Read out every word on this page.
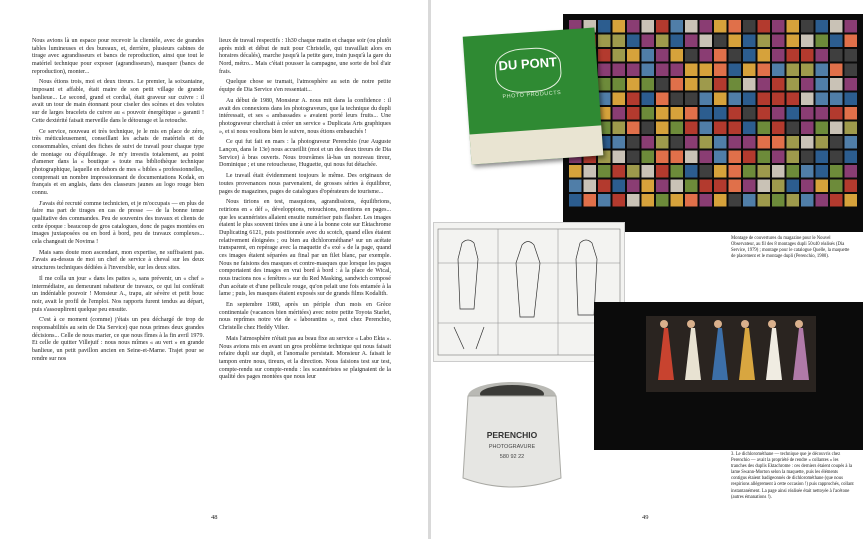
Nous avions là un espace pour recevoir la clientèle, avec de grandes tables lumineuses et des bureaux, et, derrière, plusieurs cabines de tirage avec agrandisseurs et bancs de reproduction, ainsi que tout le matériel technique pour exposer (agrandisseurs), masquer (bancs de reproduction), monter...

Nous étions trois, moi et deux tireurs. Le premier, la soixantaine, imposant et affable, était maire de son petit village de grande banlieue... Le second, grand et cordial, était graveur sur cuivre : il avait un tour de main étonnant pour ciseler des scènes et des volutes sur de larges bracelets de cuivre au « pouvoir énergétique » garanti ! Cette dextérité faisait merveille dans le détourage et la retouche.

Ce service, nouveau et très technique, je le mis en place de zéro, très méticuleusement, conseillant les achats de matériels et de consommables, créant des fiches de suivi de travail pour chaque type de montage ou d'équilibrage. Je m'y investis totalement, au point d'amener dans la « boutique » toute ma bibliothèque technique photographique, laquelle en dehors de mes « bibles » professionnelles, comprenait un nombre impressionnant de documentations Kodak, en français et en anglais, dans des classeurs jaunes au logo rouge bien connu.

J'avais été recruté comme technicien, et je m'occupais — en plus de faire ma part de tirages en cas de presse — de la bonne tenue qualitative des commandes. Peu de souvenirs des travaux et clients de cette époque : beaucoup de gros catalogues, donc de pages montées en images juxtaposées ou en bord à bord, peu de travaux complexes... cela changeait de Novima !

Mais sans doute mon ascendant, mon expertise, ne suffisaient pas. J'avais au-dessus de moi un chef de service à cheval sur les deux structures techniques dédiées à l'inversible, sur les deux sites.

Il me colla un jour « dans les pattes », sans prévenir, un « chef » intermédiaire, au demeurant rabatteur de travaux, ce qui lui conférait un indéniable pouvoir ! Monsieur A., trapu, air sévère et petit bouc noir, avait le profil de l'emploi. Nos rapports furent tendus au départ, puis s'assouplirent quelque peu ensuite.

C'est à ce moment (comme) j'étais un peu déchargé de trop de responsabilités au sein de Dia Service) que nous primes deux grandes décisions... Celle de nous marier, ce que nous fîmes à la fin avril 1979. Et celle de quitter Villejuif : nous nous mîmes « au vert » en grande banlieue, un petit pavillon ancien en Seine-et-Marne. Trajet pour se rendre sur nos

lieux de travail respectifs : 1h30 chaque matin et chaque soir (ou plutôt après midi et début de nuit pour Christelle, qui travaillait alors en horaires décalés), marche jusqu'à la petite gare, train jusqu'à la gare du Nord, métro... Mais c'était pousser la campagne, une sorte de bol d'air frais.

Quelque chose se tramait, l'atmosphère au sein de notre petite équipe de Dia Service s'en ressentait...

Au début de 1980, Monsieur A. nous mit dans la confidence : il avait des connexions dans les photograveurs, que la technique du dupli intéressait, et ses « ambassades » avaient porté leurs fruits... Une photograveur cherchait à créer un service « Duplicata Arts graphiques », et si nous voulions bien le suivre, nous étions embauchés !

Ce qui fut fait en mars : la photograveur Perenchio (rue Auguste Lançon, dans le 13e) nous accueillit (moi et un des deux tireurs de Dia Service) à bras ouverts. Nous trouvâmes là-bas un nouveau tireur, Dominique ; et une retoucheuse, Huguette, qui nous fut détachée.

Le travail était évidemment toujours le même. Des originaux de toutes provenances nous parvenaient, de grosses séries à équilibrer, pages de magazines, pages de catalogues d'opérateurs de tourisme...

Nous tirions en test, masquions, agrandissions, équilibrions, retirions en « déf », développions, retouchions, montions en pages... que les scannéristes allaient ensuite numériser puis flasher. Les images étaient le plus souvent tirées une à une à la bonne cote sur Ektachrome Duplicating 6121, puis positionnée avec du scotch, quand elles étaient relativement éloignées ; ou bien au dichlorométhane¹ sur un acétate transparent, en repérage avec la maquette d'« exé » de la page, quand ces images étaient séparées au final par un filet blanc, par exemple. Nous ne faisions des masques et contre-masques que lorsque les pages comportaient des images en vrai bord à bord : à la place de Wical, nous tracions nos « fenêtres » sur du Red Masking, sandwich composé d'un acétate et d'une pellicule rouge, qu'on pelait une fois entamée à la lame ; puis, les masques étaient exposés sur de grands films Kodalith.

En septembre 1980, après un périple d'un mois en Grèce continentale (vacances bien méritées) avec notre petite Toyota Starlet, nous reprîmes notre vie de « laborantins », moi chez Perenchio, Christelle chez Heddy Vilter.

Mais l'atmosphère n'était pas au beau fixe au service « Labo Ekta ». Nous avions mis en avant un gros problème technique qui nous faisait refaire dupli sur dupli, et l'anomalie persistait. Monsieur A. faisait le tampon entre nous, tireurs, et la direction. Nous faisions test sur test, compte-rendu sur compte-rendu : les scannéristes se plaignaient de la qualité des pages montées que nous leur

48
DU PONT
PHOTO PRODUCTS
Montage de couvertures du magazine pour le Nouvel Observateur, au fil des 8 montages dupli 50x40 réalisés (Dia Service, 1979) ; montage pour le catalogue Quelle, la maquette de placement et le montage dupli (Perenchio, 1980).
PERENCHIO
PHOTOGRAVURE
580 92 22	3. Le dichlorométhane — technique que je découvris chez Perenchio — avait la propriété de rendre « collantes » les tranches des duplis Ektachrome : ces derniers étaient coupés à la lame Swann-Morton selon la maquette, puis les éléments contigus étaient badigeonnés de dichlorométhane (que nous respirions allègrement à cette occasion !) puis rapprochés, collant instantanément. La page ainsi réalisée était nettoyée à l'acétone (autres émanations !).
49
